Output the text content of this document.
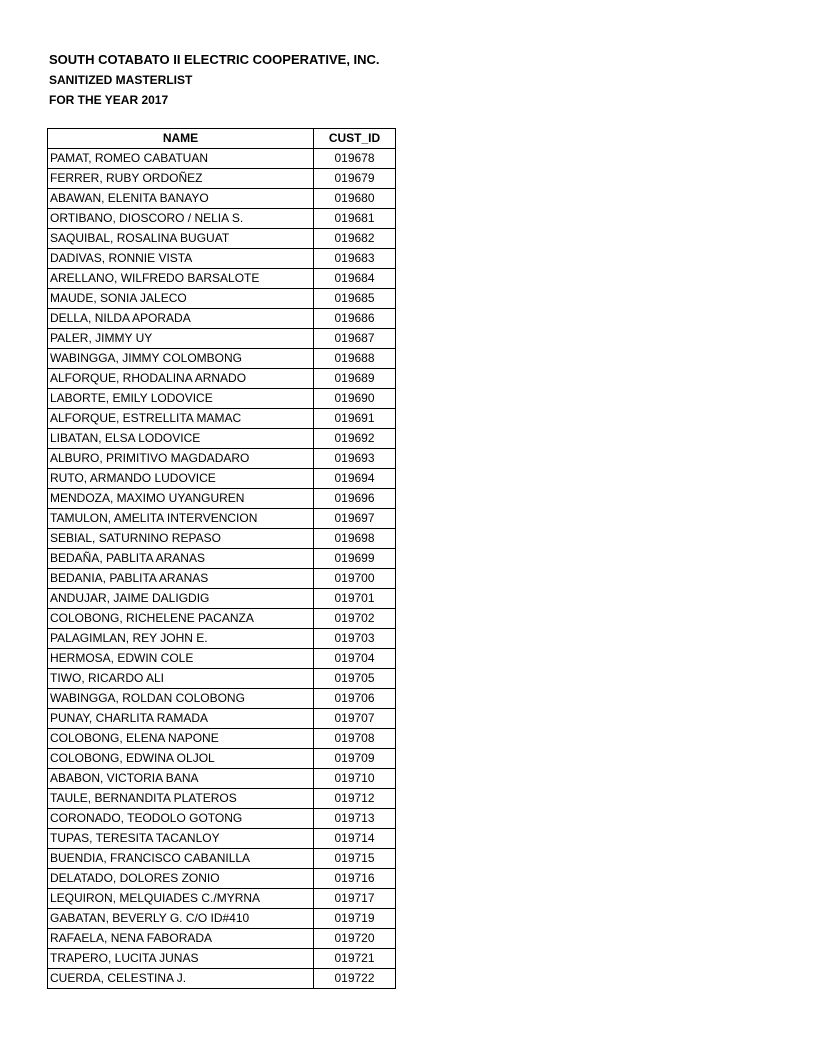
SOUTH COTABATO II ELECTRIC COOPERATIVE, INC.
SANITIZED MASTERLIST
FOR THE YEAR 2017
NAME	CUST_ID
PAMAT, ROMEO CABATUAN	019678
FERRER, RUBY ORDOÑEZ	019679
ABAWAN, ELENITA BANAYO	019680
ORTIBANO, DIOSCORO / NELIA S.	019681
SAQUIBAL, ROSALINA BUGUAT	019682
DADIVAS, RONNIE VISTA	019683
ARELLANO, WILFREDO BARSALOTE	019684
MAUDE, SONIA JALECO	019685
DELLA, NILDA APORADA	019686
PALER, JIMMY UY	019687
WABINGGA, JIMMY COLOMBONG	019688
ALFORQUE, RHODALINA ARNADO	019689
LABORTE, EMILY LODOVICE	019690
ALFORQUE, ESTRELLITA MAMAC	019691
LIBATAN, ELSA LODOVICE	019692
ALBURO, PRIMITIVO MAGDADARO	019693
RUTO, ARMANDO LUDOVICE	019694
MENDOZA, MAXIMO UYANGUREN	019696
TAMULON, AMELITA INTERVENCION	019697
SEBIAL, SATURNINO REPASO	019698
BEDAÑA, PABLITA ARANAS	019699
BEDANIA, PABLITA ARANAS	019700
ANDUJAR, JAIME DALIGDIG	019701
COLOBONG, RICHELENE PACANZA	019702
PALAGIMLAN, REY JOHN E.	019703
HERMOSA, EDWIN COLE	019704
TIWO, RICARDO ALI	019705
WABINGGA, ROLDAN COLOBONG	019706
PUNAY, CHARLITA RAMADA	019707
COLOBONG, ELENA NAPONE	019708
COLOBONG, EDWINA OLJOL	019709
ABABON, VICTORIA BANA	019710
TAULE, BERNANDITA PLATEROS	019712
CORONADO, TEODOLO GOTONG	019713
TUPAS, TERESITA TACANLOY	019714
BUENDIA, FRANCISCO CABANILLA	019715
DELATADO, DOLORES ZONIO	019716
LEQUIRON, MELQUIADES C./MYRNA	019717
GABATAN, BEVERLY G. C/O ID#410	019719
RAFAELA, NENA FABORADA	019720
TRAPERO, LUCITA JUNAS	019721
CUERDA, CELESTINA J.	019722
